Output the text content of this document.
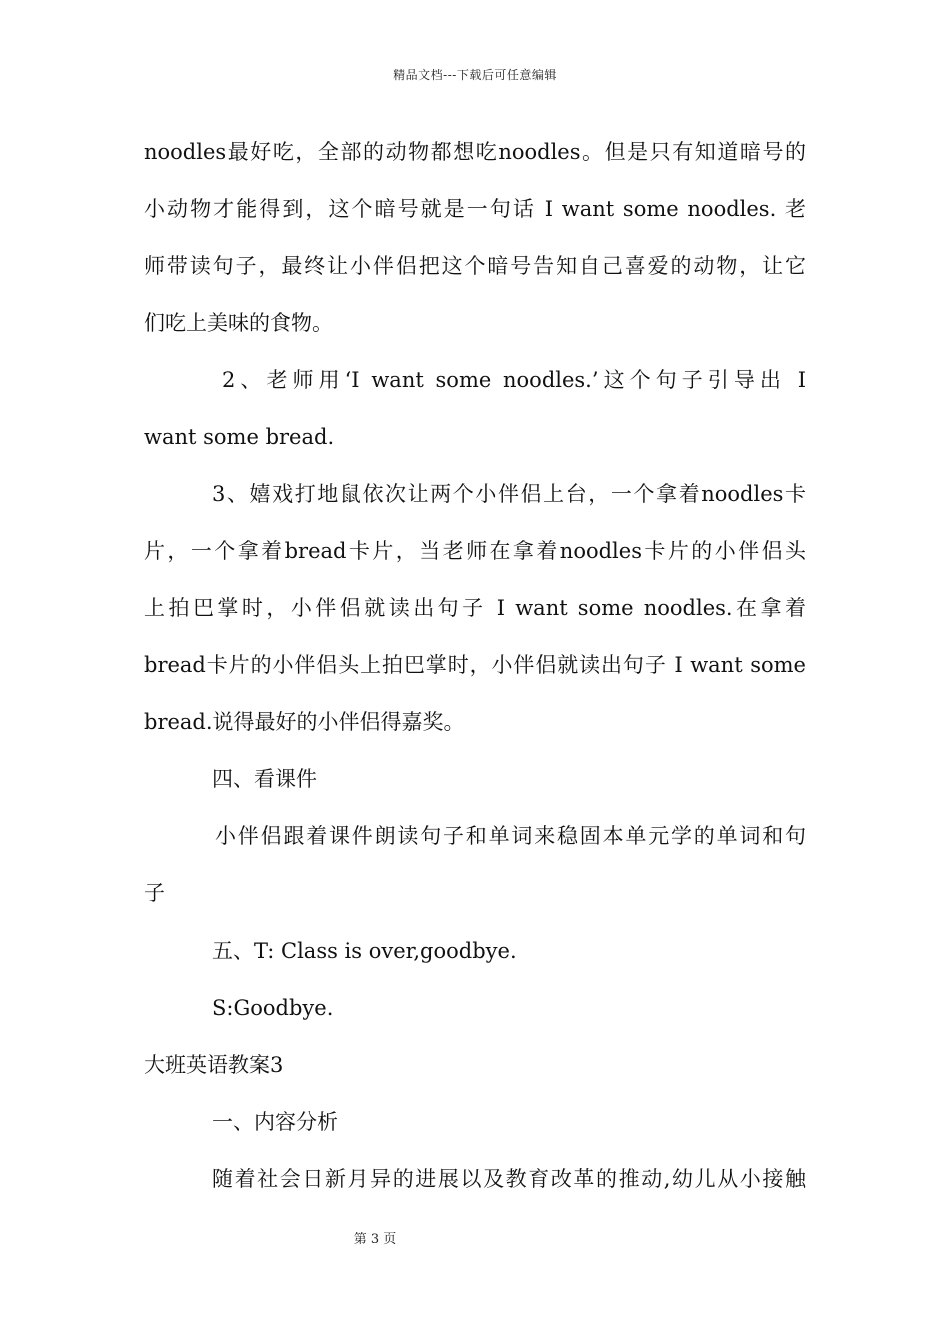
精品文档---下载后可任意编辑
noodles最好吃，全部的动物都想吃noodles。但是只有知道暗号的
小动物才能得到，这个暗号就是一句话 I want some noodles. 老
师带读句子，最终让小伴侣把这个暗号告知自己喜爱的动物，让它
们吃上美味的食物。
2、老师用‘I want some noodles.’这个句子引导出 I
want some bread.
3、嬉戏打地鼠依次让两个小伴侣上台，一个拿着noodles卡
片，一个拿着bread卡片，当老师在拿着noodles卡片的小伴侣头
上拍巴掌时，小伴侣就读出句子 I want some noodles.在拿着
bread卡片的小伴侣头上拍巴掌时，小伴侣就读出句子 I want some
bread.说得最好的小伴侣得嘉奖。
四、看课件
小伴侣跟着课件朗读句子和单词来稳固本单元学的单词和句
子
五、T: Class is over,goodbye.
S:Goodbye.
大班英语教案3
一、内容分析
随着社会日新月异的进展以及教育改革的推动,幼儿从小接触
第 3 页
